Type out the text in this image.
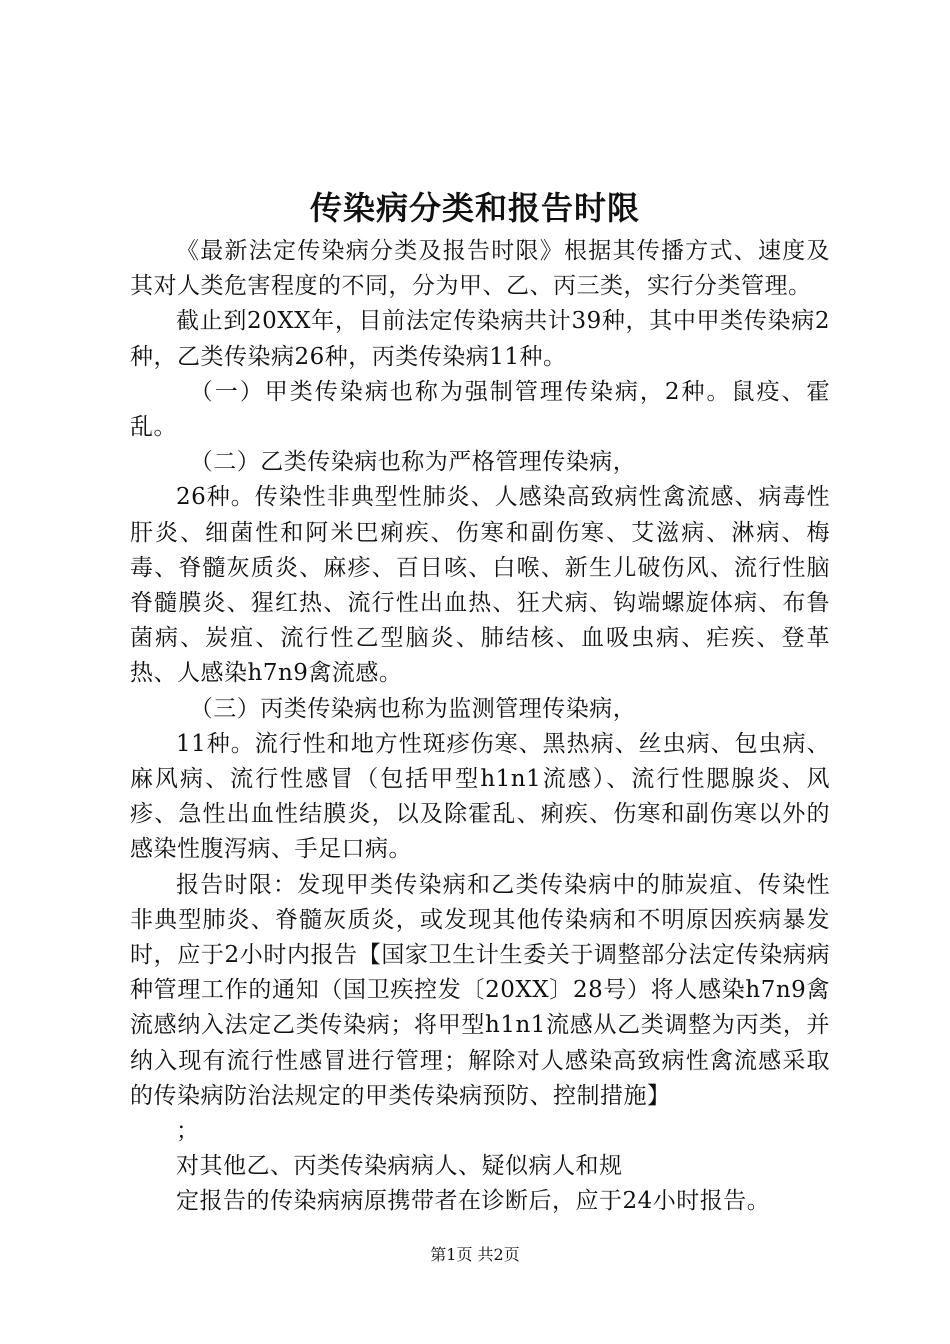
传染病分类和报告时限

《最新法定传染病分类及报告时限》根据其传播方式、速度及其对人类危害程度的不同，分为甲、乙、丙三类，实行分类管理。

截止到20XX年，目前法定传染病共计39种，其中甲类传染病2种，乙类传染病26种，丙类传染病11种。

（一）甲类传染病也称为强制管理传染病，2种。鼠疫、霍乱。

（二）乙类传染病也称为严格管理传染病，

26种。传染性非典型性肺炎、人感染高致病性禽流感、病毒性肝炎、细菌性和阿米巴痢疾、伤寒和副伤寒、艾滋病、淋病、梅毒、脊髓灰质炎、麻疹、百日咳、白喉、新生儿破伤风、流行性脑脊髓膜炎、猩红热、流行性出血热、狂犬病、钩端螺旋体病、布鲁菌病、炭疽、流行性乙型脑炎、肺结核、血吸虫病、疟疾、登革热、人感染h7n9禽流感。

（三）丙类传染病也称为监测管理传染病，

11种。流行性和地方性斑疹伤寒、黑热病、丝虫病、包虫病、麻风病、流行性感冒（包括甲型h1n1流感）、流行性腮腺炎、风疹、急性出血性结膜炎，以及除霍乱、痢疾、伤寒和副伤寒以外的感染性腹泻病、手足口病。

报告时限：发现甲类传染病和乙类传染病中的肺炭疽、传染性非典型肺炎、脊髓灰质炎，或发现其他传染病和不明原因疾病暴发时，应于2小时内报告【国家卫生计生委关于调整部分法定传染病病种管理工作的通知（国卫疾控发〔20XX〕28号）将人感染h7n9禽流感纳入法定乙类传染病；将甲型h1n1流感从乙类调整为丙类，并纳入现有流行性感冒进行管理；解除对人感染高致病性禽流感采取的传染病防治法规定的甲类传染病预防、控制措施】

；

对其他乙、丙类传染病病人、疑似病人和规

定报告的传染病病原携带者在诊断后，应于24小时报告。

第1页 共2页
